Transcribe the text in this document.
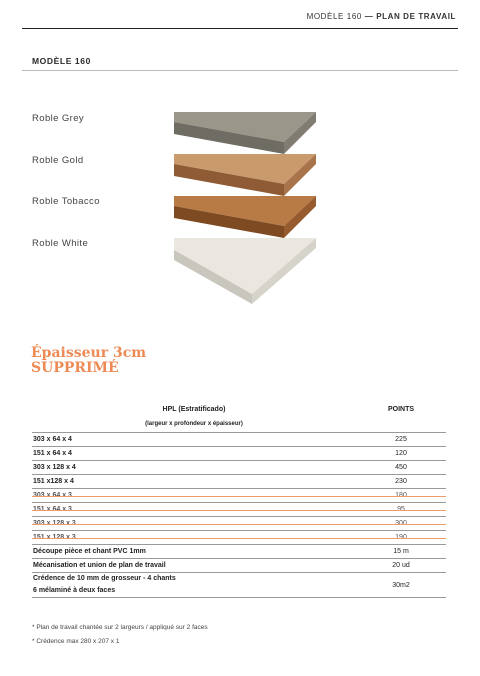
MODÈLE 160 — PLAN DE TRAVAIL
MODÈLE 160
Roble Grey
Roble Gold
Roble Tobacco
Roble White
Épaisseur 3cm
SUPPRIMÉ
HPL (Estratificado)	POINTS
(largeur x profondeur x épaisseur)	
303 x 64 x 4	225
151 x 64 x 4	120
303 x 128 x 4	450
151 x128 x 4	230
303 x 64 x 3	180
151 x 64 x 3	95
303 x 128 x 3	300
151 x 128 x 3	190
Découpe pièce et chant PVC 1mm	15 m
Mécanisation et union de plan de travail	20 ud

Crédence de 10 mm de grosseur - 4 chants
6 mélaminé à deux faces	30m2
* Plan de travail chantée sur 2 largeurs / appliqué sur 2 faces
* Crédence max 280 x 207 x 1
